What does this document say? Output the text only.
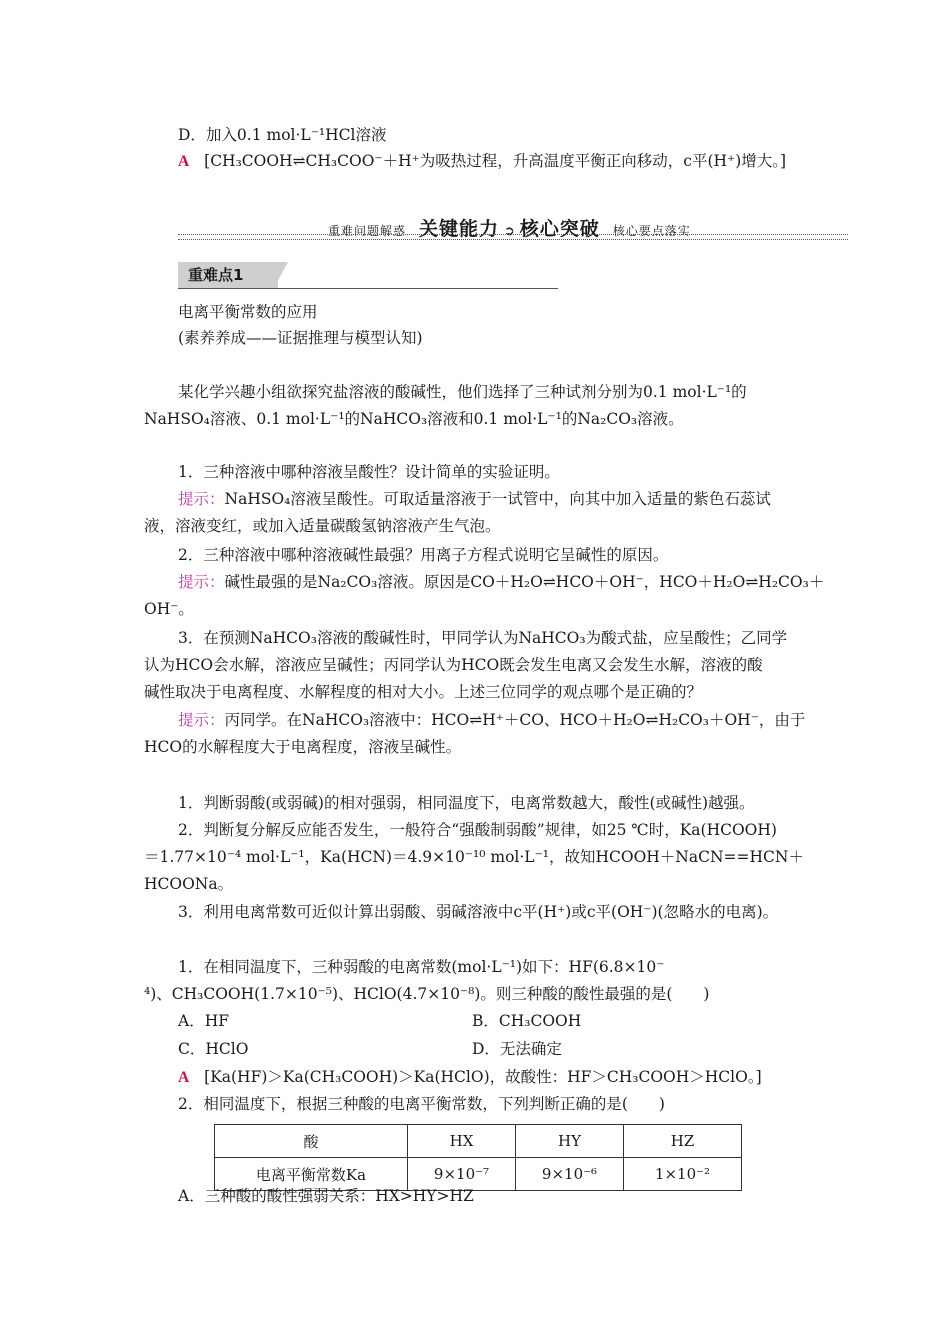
D．加入0.1 mol·L⁻¹HCl溶液
A [CH₃COOH⇌CH₃COO⁻＋H⁺为吸热过程，升高温度平衡正向移动，c平(H⁺)增大。]
重难问题解惑 关键能力 ➲ 核心突破 核心要点落实
重难点1
电离平衡常数的应用
(素养养成——证据推理与模型认知)
某化学兴趣小组欲探究盐溶液的酸碱性，他们选择了三种试剂分别为0.1 mol·L⁻¹的
NaHSO₄溶液、0.1 mol·L⁻¹的NaHCO₃溶液和0.1 mol·L⁻¹的Na₂CO₃溶液。
1．三种溶液中哪种溶液呈酸性？设计简单的实验证明。
提示：NaHSO₄溶液呈酸性。可取适量溶液于一试管中，向其中加入适量的紫色石蕊试
液，溶液变红，或加入适量碳酸氢钠溶液产生气泡。
2．三种溶液中哪种溶液碱性最强？用离子方程式说明它呈碱性的原因。
提示：碱性最强的是Na₂CO₃溶液。原因是CO＋H₂O⇌HCO＋OH⁻，HCO＋H₂O⇌H₂CO₃＋
OH⁻。
3．在预测NaHCO₃溶液的酸碱性时，甲同学认为NaHCO₃为酸式盐，应呈酸性；乙同学
认为HCO会水解，溶液应呈碱性；丙同学认为HCO既会发生电离又会发生水解，溶液的酸
碱性取决于电离程度、水解程度的相对大小。上述三位同学的观点哪个是正确的？
提示：丙同学。在NaHCO₃溶液中：HCO⇌H⁺＋CO、HCO＋H₂O⇌H₂CO₃＋OH⁻，由于
HCO的水解程度大于电离程度，溶液呈碱性。
1．判断弱酸(或弱碱)的相对强弱，相同温度下，电离常数越大，酸性(或碱性)越强。
2．判断复分解反应能否发生，一般符合“强酸制弱酸”规律，如25 ℃时，Ka(HCOOH)
＝1.77×10⁻⁴ mol·L⁻¹，Ka(HCN)＝4.9×10⁻¹⁰ mol·L⁻¹，故知HCOOH＋NaCN==HCN＋
HCOONa。
3．利用电离常数可近似计算出弱酸、弱碱溶液中c平(H⁺)或c平(OH⁻)(忽略水的电离)。
1．在相同温度下，三种弱酸的电离常数(mol·L⁻¹)如下：HF(6.8×10⁻
⁴)、CH₃COOH(1.7×10⁻⁵)、HClO(4.7×10⁻⁸)。则三种酸的酸性最强的是(　　)
A．HF	B．CH₃COOH
C．HClO	D．无法确定
A [Ka(HF)＞Ka(CH₃COOH)＞Ka(HClO)，故酸性：HF＞CH₃COOH＞HClO。]
2．相同温度下，根据三种酸的电离平衡常数，下列判断正确的是(　　)
酸	HX	HY	HZ
电离平衡常数Ka	9×10⁻⁷	9×10⁻⁶	1×10⁻²
A．三种酸的酸性强弱关系：HX>HY>HZ
